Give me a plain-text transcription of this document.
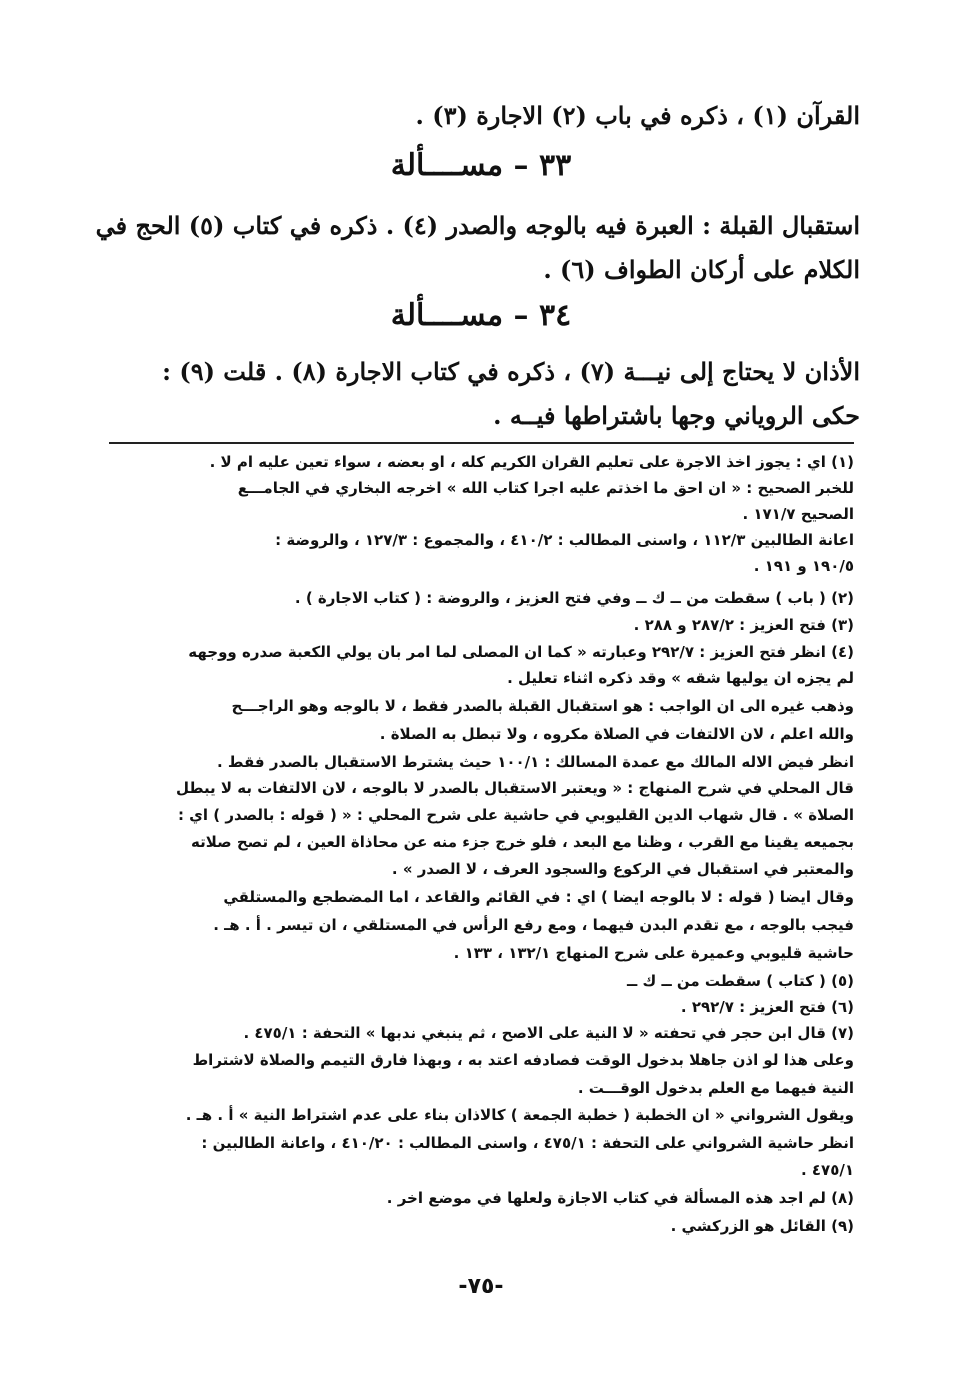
القرآن (١) ، ذكره في باب (٢) الاجارة (٣) .
٣٣ – مســــألة
استقبال القبلة : العبرة فيه بالوجه والصدر (٤) . ذكره في كتاب (٥) الحج في
الكلام على أركان الطواف (٦) .
٣٤ – مســــألة
الأذان لا يحتاج إلى نيـــة (٧) ، ذكره في كتاب الاجارة (٨) . قلت (٩) :
حكى الروياني وجها باشتراطها فيــه .
(١) اي : يجوز اخذ الاجرة على تعليم القران الكريم كله ، او بعضه ، سواء تعين عليه ام لا .
للخبر الصحيح : « ان احق ما اخذتم عليه اجرا كتاب الله » اخرجه البخاري في الجامـــع
الصحيح ١٧١/٧ .
اعانة الطالبين ١١٢/٣ ، واسنى المطالب : ٤١٠/٢ ، والمجموع : ١٢٧/٣ ، والروضة :
١٩٠/٥ و ١٩١ .
(٢) ( باب ) سقطت من ــ ك ــ وفي فتح العزيز ، والروضة : ( كتاب الاجارة ) .
(٣) فتح العزيز : ٢٨٧/٢ و ٢٨٨ .
(٤) انظر فتح العزيز : ٢٩٢/٧ وعبارته « كما ان المصلى لما امر بان يولي الكعبة صدره ووجهه
لم يجزه ان يوليها شقه » وقد ذكره اثناء تعليل .
وذهب غيره الى ان الواجب : هو استقبال القبلة بالصدر فقط ، لا بالوجه وهو الراجـــح
والله اعلم ، لان الالتفات في الصلاة مكروه ، ولا تبطل به الصلاة .
انظر فيض الاله المالك مع عمدة المسالك : ١٠٠/١ حيث يشترط الاستقبال بالصدر فقط .
قال المحلي في شرح المنهاج : « ويعتبر الاستقبال بالصدر لا بالوجه ، لان الالتفات به لا يبطل
الصلاة » . قال شهاب الدين القليوبي في حاشية على شرح المحلي : « ( قوله : بالصدر ) اي :
بجميعه يقينا مع القرب ، وظنا مع البعد ، فلو خرج جزء منه عن محاذاة العين ، لم تصح صلاته
والمعتبر في استقبال في الركوع والسجود العرف ، لا الصدر » .
وقال ايضا ( قوله : لا بالوجه ايضا ) اي : في القائم والقاعد ، اما المضطجع والمستلقي
فيجب بالوجه ، مع تقدم البدن فيهما ، ومع رفع الرأس في المستلقي ، ان تيسر . أ . هـ .
حاشية قليوبي وعميرة على شرح المنهاج ١٣٢/١ ، ١٣٣ .
(٥) ( كتاب ) سقطت من ــ ك ــ
(٦) فتح العزيز : ٢٩٢/٧ .
(٧) قال ابن حجر في تحفته « لا النية على الاصح ، ثم ينبغي ندبها » التحفة : ٤٧٥/١ .
وعلى هذا لو اذن جاهلا بدخول الوقت فصادفه اعتد به ، وبهذا فارق التيمم والصلاة لاشتراط
النية فيهما مع العلم بدخول الوقـــت .
ويقول الشرواني « ان الخطبة ( خطبة الجمعة ) كالاذان بناء على عدم اشتراط النية » أ . هـ .
انظر حاشية الشرواني على التحفة : ٤٧٥/١ ، واسنى المطالب : ٤١٠/٢٠ ، واعانة الطالبين :
٤٧٥/١ .
(٨) لم اجد هذه المسألة في كتاب الاجازة ولعلها في موضع اخر .
(٩) القائل هو الزركشي .
-٧٥-
